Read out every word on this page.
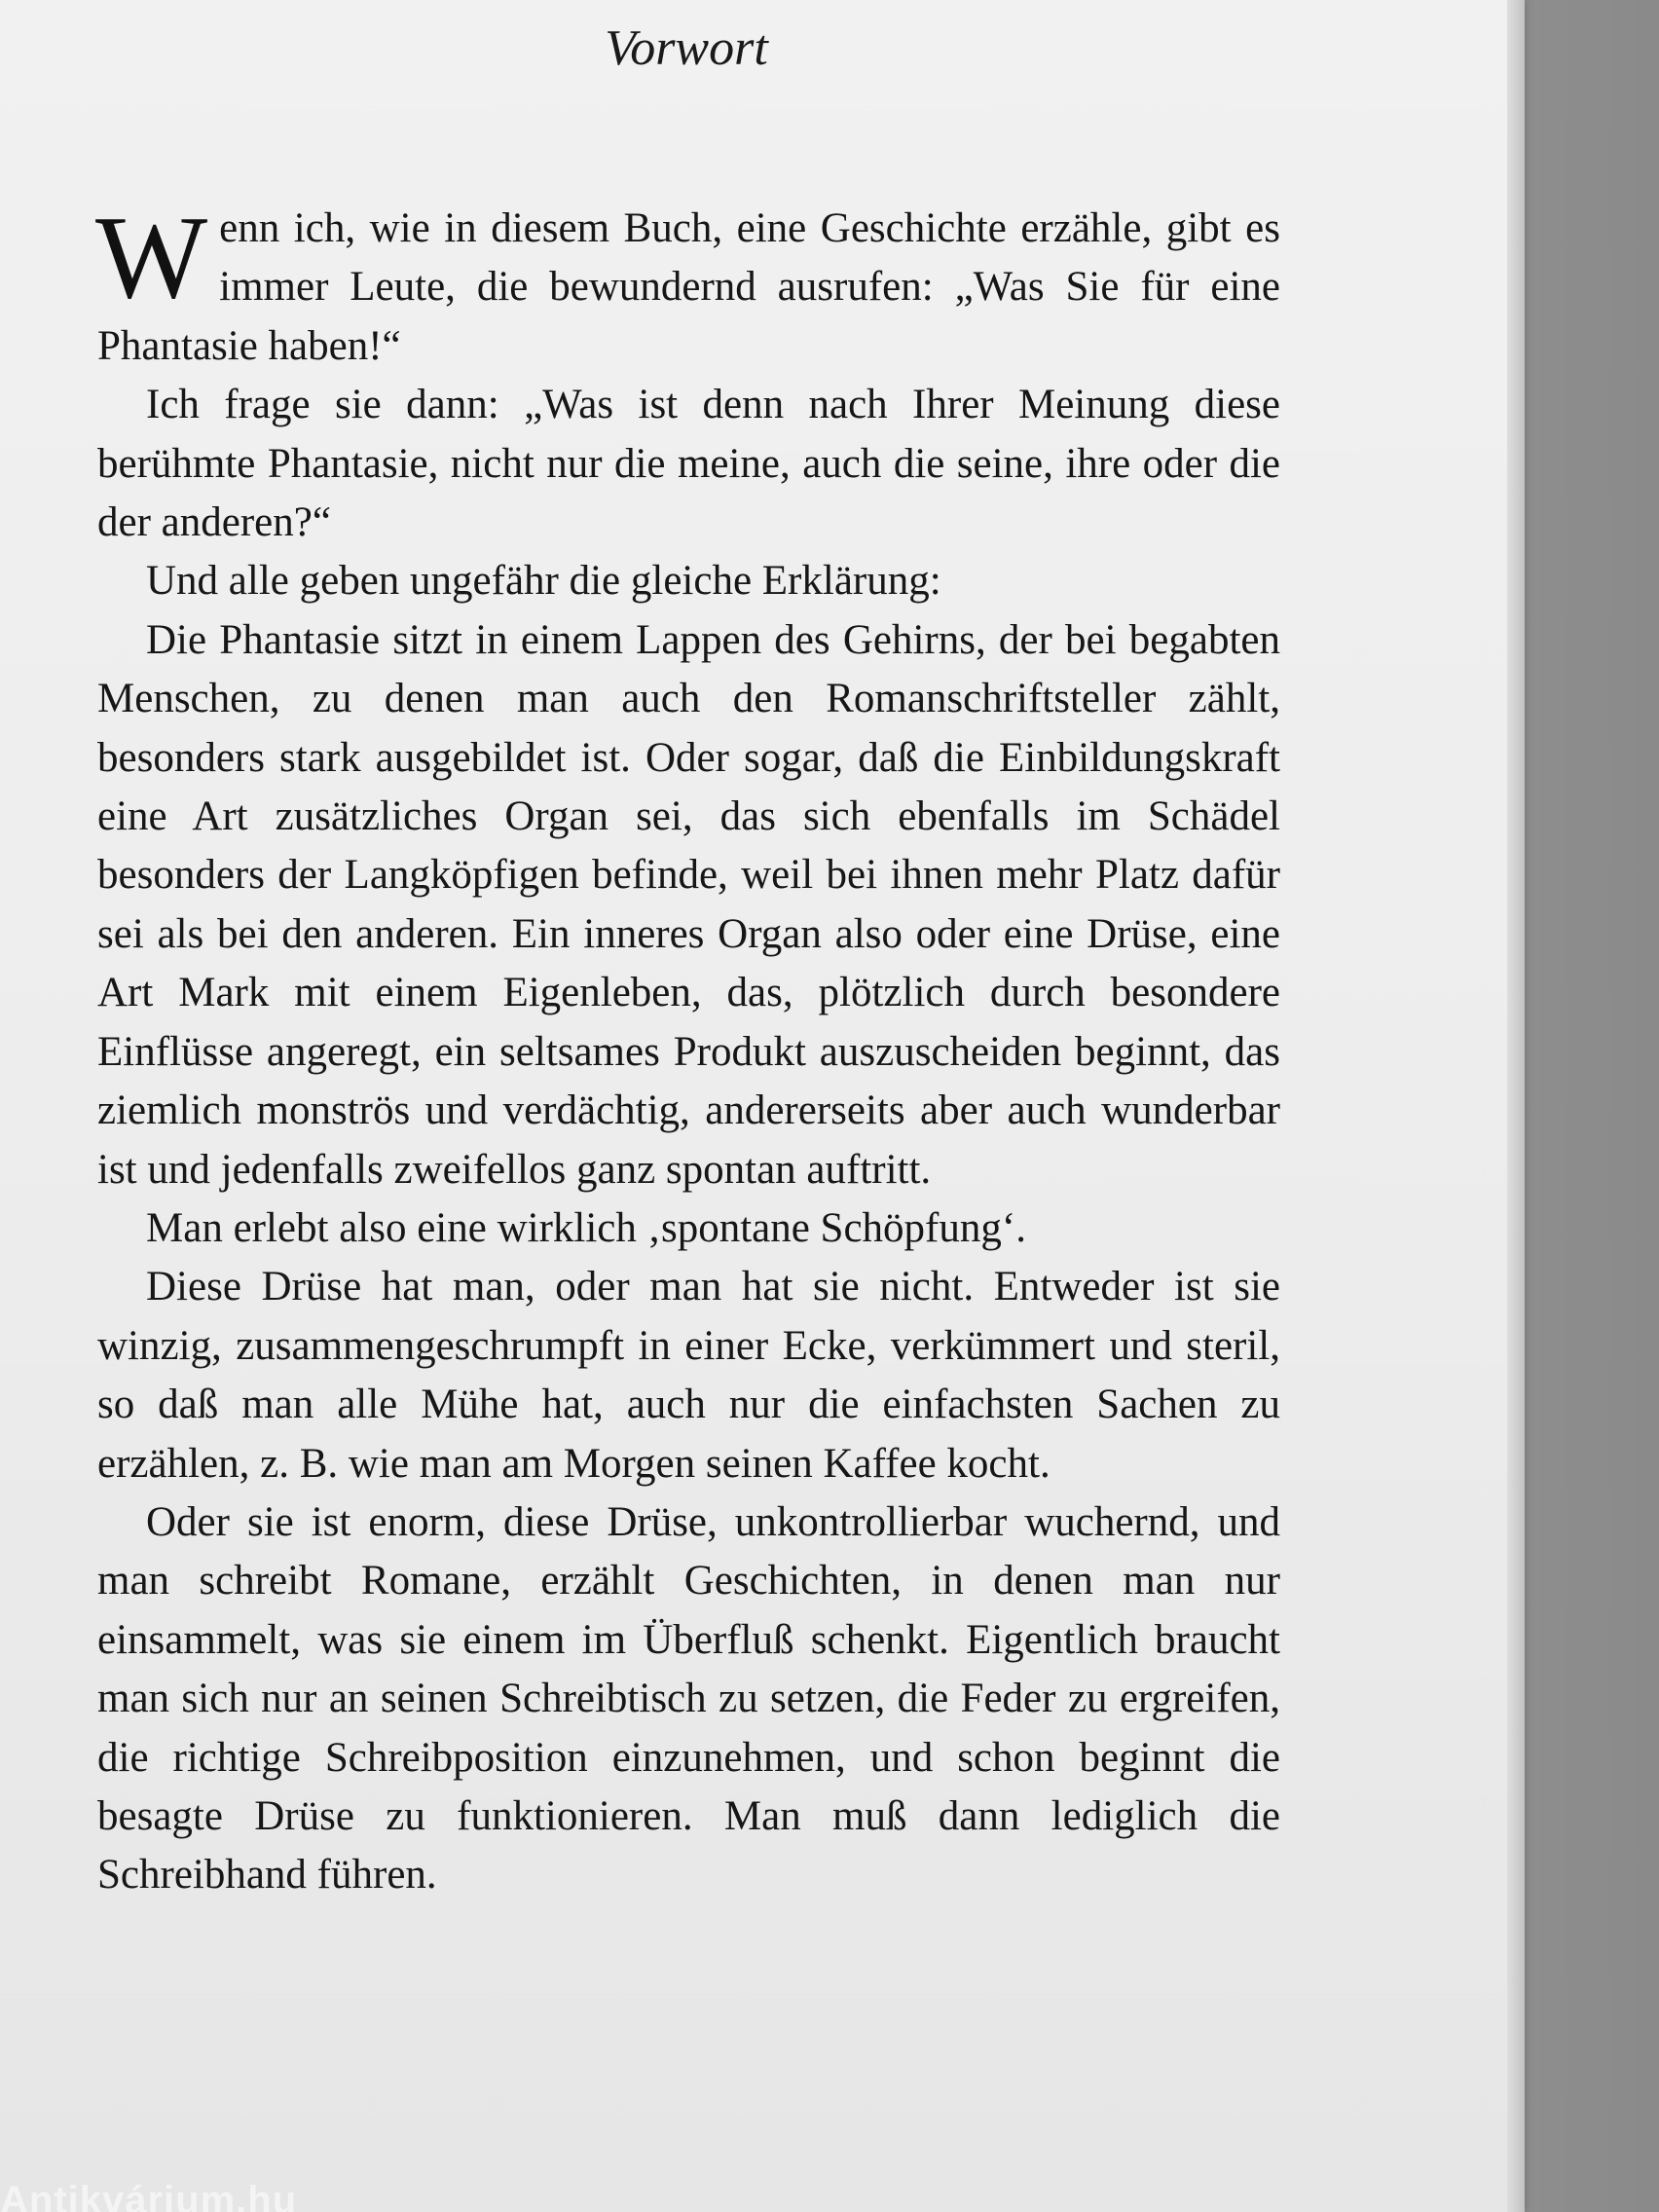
Vorwort

Wenn ich, wie in diesem Buch, eine Geschichte erzähle, gibt es immer Leute, die bewundernd ausrufen: „Was Sie für eine Phantasie haben!“

Ich frage sie dann: „Was ist denn nach Ihrer Meinung diese berühmte Phantasie, nicht nur die meine, auch die seine, ihre oder die der anderen?“

Und alle geben ungefähr die gleiche Erklärung:

Die Phantasie sitzt in einem Lappen des Gehirns, der bei begabten Menschen, zu denen man auch den Romanschriftsteller zählt, besonders stark ausgebildet ist. Oder sogar, daß die Einbildungskraft eine Art zusätzliches Organ sei, das sich ebenfalls im Schädel besonders der Langköpfigen befinde, weil bei ihnen mehr Platz dafür sei als bei den anderen. Ein inneres Organ also oder eine Drüse, eine Art Mark mit einem Eigenleben, das, plötzlich durch besondere Einflüsse angeregt, ein seltsames Produkt auszuscheiden beginnt, das ziemlich monströs und verdächtig, andererseits aber auch wunderbar ist und jedenfalls zweifellos ganz spontan auftritt.

Man erlebt also eine wirklich ‚spontane Schöpfung‘.

Diese Drüse hat man, oder man hat sie nicht. Entweder ist sie winzig, zusammengeschrumpft in einer Ecke, verkümmert und steril, so daß man alle Mühe hat, auch nur die einfachsten Sachen zu erzählen, z. B. wie man am Morgen seinen Kaffee kocht.

Oder sie ist enorm, diese Drüse, unkontrollierbar wuchernd, und man schreibt Romane, erzählt Geschichten, in denen man nur einsammelt, was sie einem im Überfluß schenkt. Eigentlich braucht man sich nur an seinen Schreibtisch zu setzen, die Feder zu ergreifen, die richtige Schreibposition einzunehmen, und schon beginnt die besagte Drüse zu funktionieren. Man muß dann lediglich die Schreibhand führen.

Antikvárium.hu
